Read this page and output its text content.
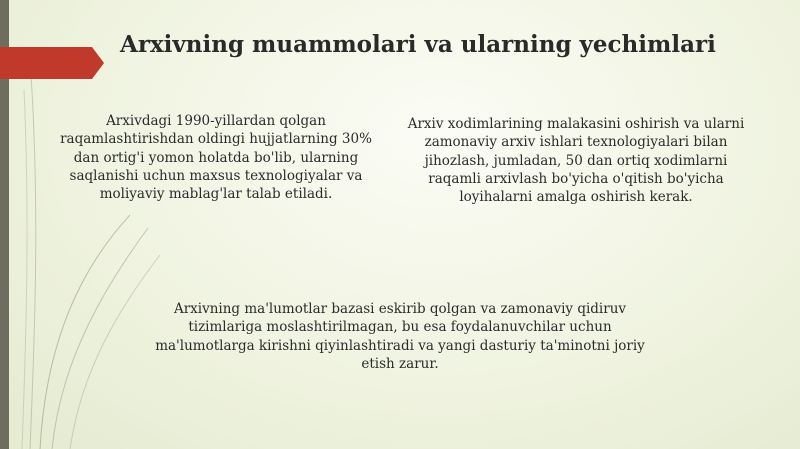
Arxivning muammolari va ularning yechimlari
Arxivdagi 1990-yillardan qolgan raqamlashtirishdan oldingi hujjatlarning 30% dan ortig'i yomon holatda bo'lib, ularning saqlanishi uchun maxsus texnologiyalar va moliyaviy mablag'lar talab etiladi.
Arxiv xodimlarining malakasini oshirish va ularni zamonaviy arxiv ishlari texnologiyalari bilan jihozlash, jumladan, 50 dan ortiq xodimlarni raqamli arxivlash bo'yicha o'qitish bo'yicha loyihalarni amalga oshirish kerak.
Arxivning ma'lumotlar bazasi eskirib qolgan va zamonaviy qidiruv tizimlariga moslashtirilmagan, bu esa foydalanuvchilar uchun ma'lumotlarga kirishni qiyinlashtiradi va yangi dasturiy ta'minotni joriy etish zarur.
